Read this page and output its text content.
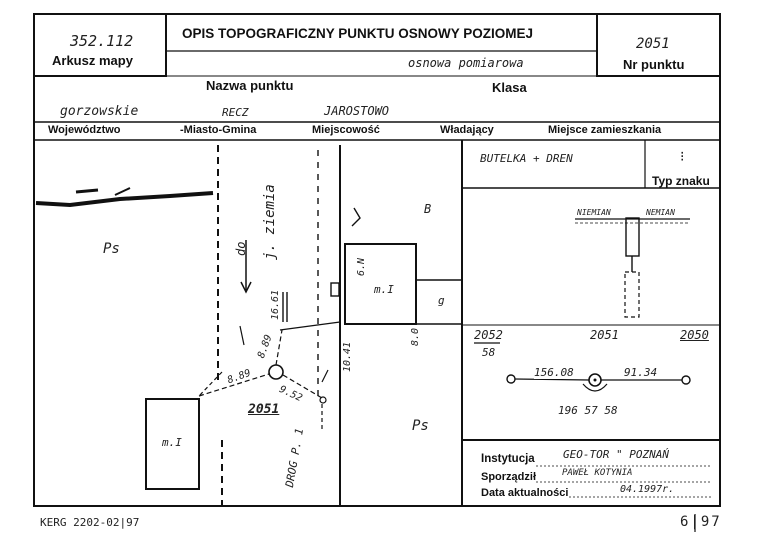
352.112
Arkusz mapy
OPIS TOPOGRAFICZNY PUNKTU OSNOWY POZIOMEJ
2051
Nr punktu
osnowa pomiarowa
Nazwa punktu	Klasa
gorzowskie	RECZ	JAROSTOWO
Województwo	-Miasto-Gmina	Miejscowość	Władający	Miejsce zamieszkania
Ps
Ps
j. ziemia
DROG P. 1
m.I
m.I
g
B
do
2051
16.61
8.89
9.52
8.89
10.41
8.0
6.N
BUTELKA + DREN
Typ znaku
⁝
NIEMIAN	NEMIAN
2052
58
2051	2050
156.08	91.34
196 57 58
Instytucja	GEO-TOR " POZNAŃ
Sporządził	PAWEŁ KOTYNIA
Data aktualności	04.1997r.
KERG 2202-02|97	6|97
